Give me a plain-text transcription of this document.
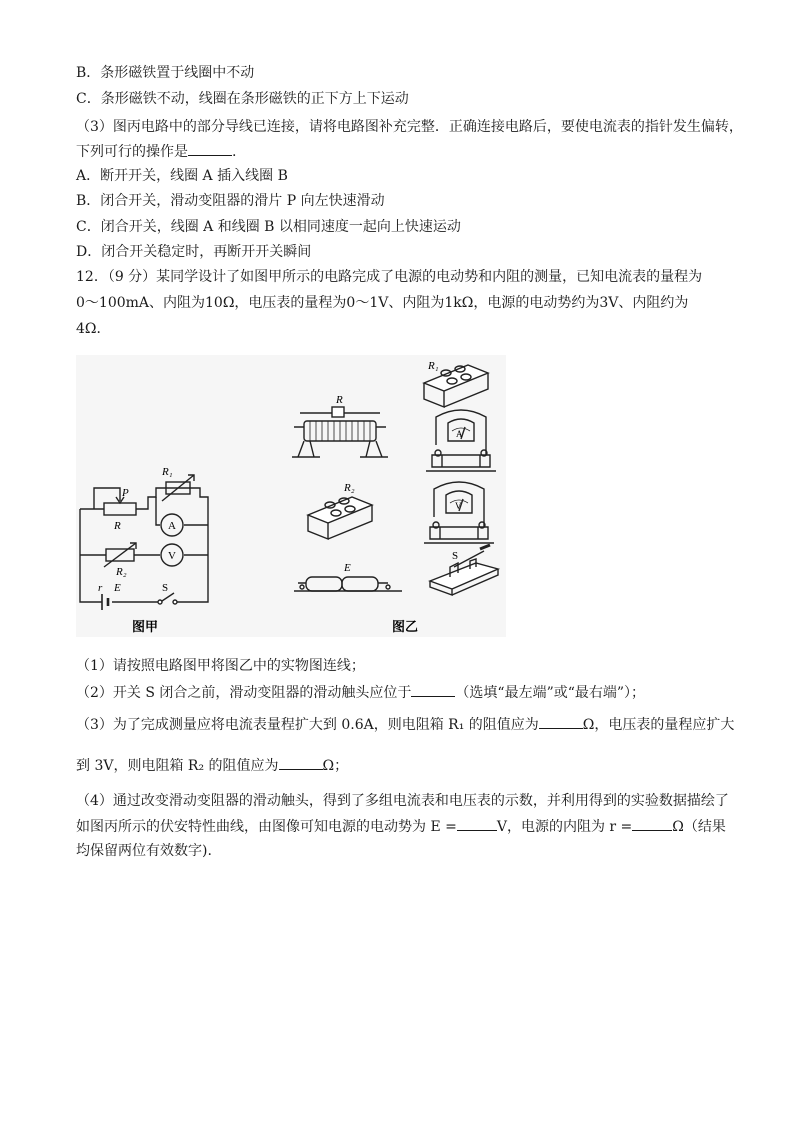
B．条形磁铁置于线圈中不动
C．条形磁铁不动，线圈在条形磁铁的正下方上下运动
（3）图丙电路中的部分导线已连接，请将电路图补充完整．正确连接电路后，要使电流表的指针发生偏转，
下列可行的操作是	.
A．断开开关，线圈 A 插入线圈 B
B．闭合开关，滑动变阻器的滑片 P 向左快速滑动
C．闭合开关，线圈 A 和线圈 B 以相同速度一起向上快速运动
D．闭合开关稳定时，再断开开关瞬间
12．（9 分）某同学设计了如图甲所示的电路完成了电源的电动势和内阻的测量，已知电流表的量程为
0～100mA、内阻为10Ω，电压表的量程为0～1V、内阻为1kΩ，电源的电动势约为3V、内阻约为
4Ω．
R₁
P
R	A
V
R₂
r E	S
图甲
R
R₁
A
R₂
V
E
S
图乙
（1）请按照电路图甲将图乙中的实物图连线；
（2）开关 S 闭合之前，滑动变阻器的滑动触头应位于	（选填“最左端”或“最右端”）；
（3）为了完成测量应将电流表量程扩大到 0.6A，则电阻箱 R₁ 的阻值应为	Ω，电压表的量程应扩大
到 3V，则电阻箱 R₂ 的阻值应为	Ω；
（4）通过改变滑动变阻器的滑动触头，得到了多组电流表和电压表的示数，并利用得到的实验数据描绘了
如图丙所示的伏安特性曲线，由图像可知电源的电动势为 E =	V，电源的内阻为 r =	Ω（结果
均保留两位有效数字).
